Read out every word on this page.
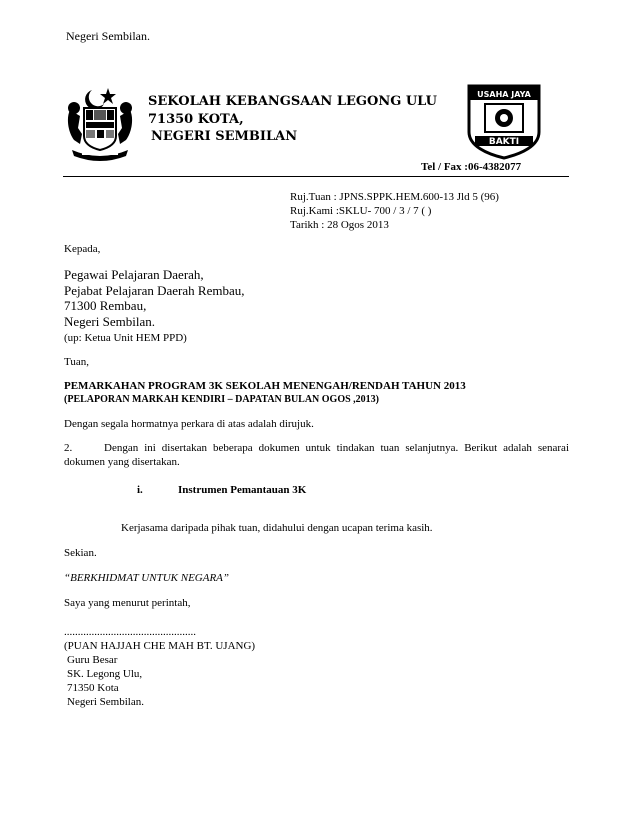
Negeri Sembilan.
SEKOLAH KEBANGSAAN LEGONG ULU
71350 KOTA,
NEGERI SEMBILAN
USAHA JAYA
BAKTI
Tel / Fax :06-4382077
Ruj.Tuan : JPNS.SPPK.HEM.600-13 Jld 5 (96)
Ruj.Kami :SKLU- 700 / 3 / 7 ( )
Tarikh : 28 Ogos 2013
Kepada,
Pegawai Pelajaran Daerah,
Pejabat Pelajaran Daerah Rembau,
71300 Rembau,
Negeri Sembilan.
(up: Ketua Unit HEM PPD)
Tuan,
PEMARKAHAN PROGRAM 3K SEKOLAH MENENGAH/RENDAH TAHUN 2013
(PELAPORAN MARKAH KENDIRI – DAPATAN BULAN OGOS ,2013)
Dengan segala hormatnya perkara di atas adalah dirujuk.
2.	Dengan ini disertakan beberapa dokumen untuk tindakan tuan selanjutnya. Berikut adalah senarai
dokumen yang disertakan.
i.	Instrumen Pemantauan 3K
Kerjasama daripada pihak tuan, didahului dengan ucapan terima kasih.
Sekian.
“BERKHIDMAT UNTUK NEGARA”
Saya yang menurut perintah,
................................................
(PUAN HAJJAH CHE MAH BT. UJANG)
Guru Besar
SK. Legong Ulu,
71350 Kota
Negeri Sembilan.
